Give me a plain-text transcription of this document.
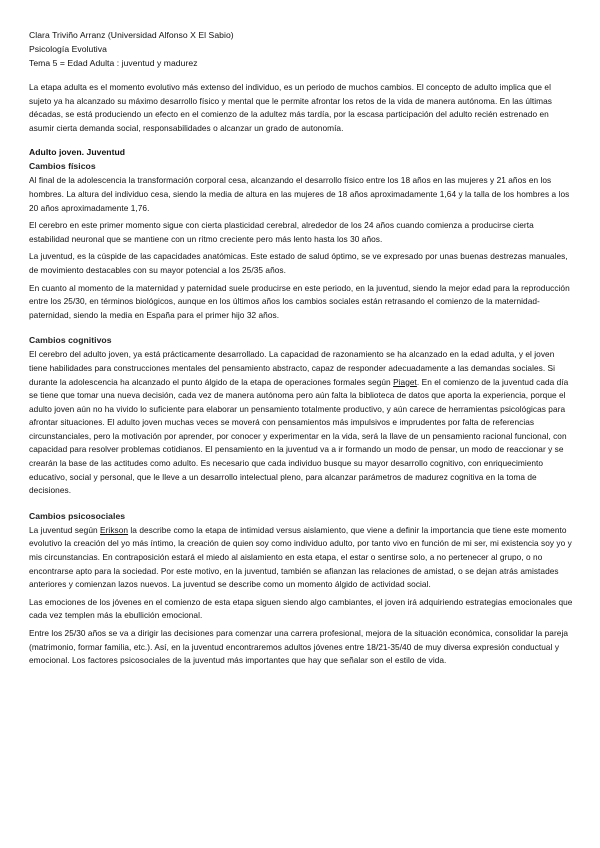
Clara Triviño Arranz (Universidad Alfonso X El Sabio)
Psicología Evolutiva
Tema 5 = Edad Adulta : juventud y madurez

La etapa adulta es el momento evolutivo más extenso del individuo, es un periodo de muchos cambios. El concepto de adulto implica que el sujeto ya ha alcanzado su máximo desarrollo físico y mental que le permite afrontar los retos de la vida de manera autónoma. En las últimas décadas, se está produciendo un efecto en el comienzo de la adultez más tardía, por la escasa participación del adulto recién estrenado en asumir cierta demanda social, responsabilidades o alcanzar un grado de autonomía.

Adulto joven. Juventud
Cambios físicos

Al final de la adolescencia la transformación corporal cesa, alcanzando el desarrollo físico entre los 18 años en las mujeres y 21 años en los hombres. La altura del individuo cesa, siendo la media de altura en las mujeres de 18 años aproximadamente 1,64 y la talla de los hombres a los 20 años aproximadamente 1,76.

El cerebro en este primer momento sigue con cierta plasticidad cerebral, alrededor de los 24 años cuando comienza a producirse cierta estabilidad neuronal que se mantiene con un ritmo creciente pero más lento hasta los 30 años.

La juventud, es la cúspide de las capacidades anatómicas. Este estado de salud óptimo, se ve expresado por unas buenas destrezas manuales, de movimiento destacables con su mayor potencial a los 25/35 años.

En cuanto al momento de la maternidad y paternidad suele producirse en este periodo, en la juventud, siendo la mejor edad para la reproducción entre los 25/30, en términos biológicos, aunque en los últimos años los cambios sociales están retrasando el comienzo de la maternidad-paternidad, siendo la media en España para el primer hijo 32 años.

Cambios cognitivos

El cerebro del adulto joven, ya está prácticamente desarrollado. La capacidad de razonamiento se ha alcanzado en la edad adulta, y el joven tiene habilidades para construcciones mentales del pensamiento abstracto, capaz de responder adecuadamente a las demandas sociales. Si durante la adolescencia ha alcanzado el punto álgido de la etapa de operaciones formales según Piaget. En el comienzo de la juventud cada día se tiene que tomar una nueva decisión, cada vez de manera autónoma pero aún falta la biblioteca de datos que aporta la experiencia, porque el adulto joven aún no ha vivido lo suficiente para elaborar un pensamiento totalmente productivo, y aún carece de herramientas psicológicas para afrontar situaciones. El adulto joven muchas veces se moverá con pensamientos más impulsivos e imprudentes por falta de referencias circunstanciales, pero la motivación por aprender, por conocer y experimentar en la vida, será la llave de un pensamiento racional funcional, con capacidad para resolver problemas cotidianos. El pensamiento en la juventud va a ir formando un modo de pensar, un modo de reaccionar y se crearán la base de las actitudes como adulto. Es necesario que cada individuo busque su mayor desarrollo cognitivo, con enriquecimiento educativo, social y personal, que le lleve a un desarrollo intelectual pleno, para alcanzar parámetros de madurez cognitiva en la toma de decisiones.

Cambios psicosociales

La juventud según Erikson la describe como la etapa de intimidad versus aislamiento, que viene a definir la importancia que tiene este momento evolutivo la creación del yo más íntimo, la creación de quien soy como individuo adulto, por tanto vivo en función de mi ser, mi existencia soy yo y mis circunstancias. En contraposición estará el miedo al aislamiento en esta etapa, el estar o sentirse solo, a no pertenecer al grupo, o no encontrarse apto para la sociedad. Por este motivo, en la juventud, también se afianzan las relaciones de amistad, o se dejan atrás amistades anteriores y comienzan lazos nuevos. La juventud se describe como un momento álgido de actividad social.

Las emociones de los jóvenes en el comienzo de esta etapa siguen siendo algo cambiantes, el joven irá adquiriendo estrategias emocionales que cada vez templen más la ebullición emocional.

Entre los 25/30 años se va a dirigir las decisiones para comenzar una carrera profesional, mejora de la situación económica, consolidar la pareja (matrimonio, formar familia, etc.). Así, en la juventud encontraremos adultos jóvenes entre 18/21-35/40 de muy diversa expresión conductual y emocional. Los factores psicosociales de la juventud más importantes que hay que señalar son el estilo de vida.
